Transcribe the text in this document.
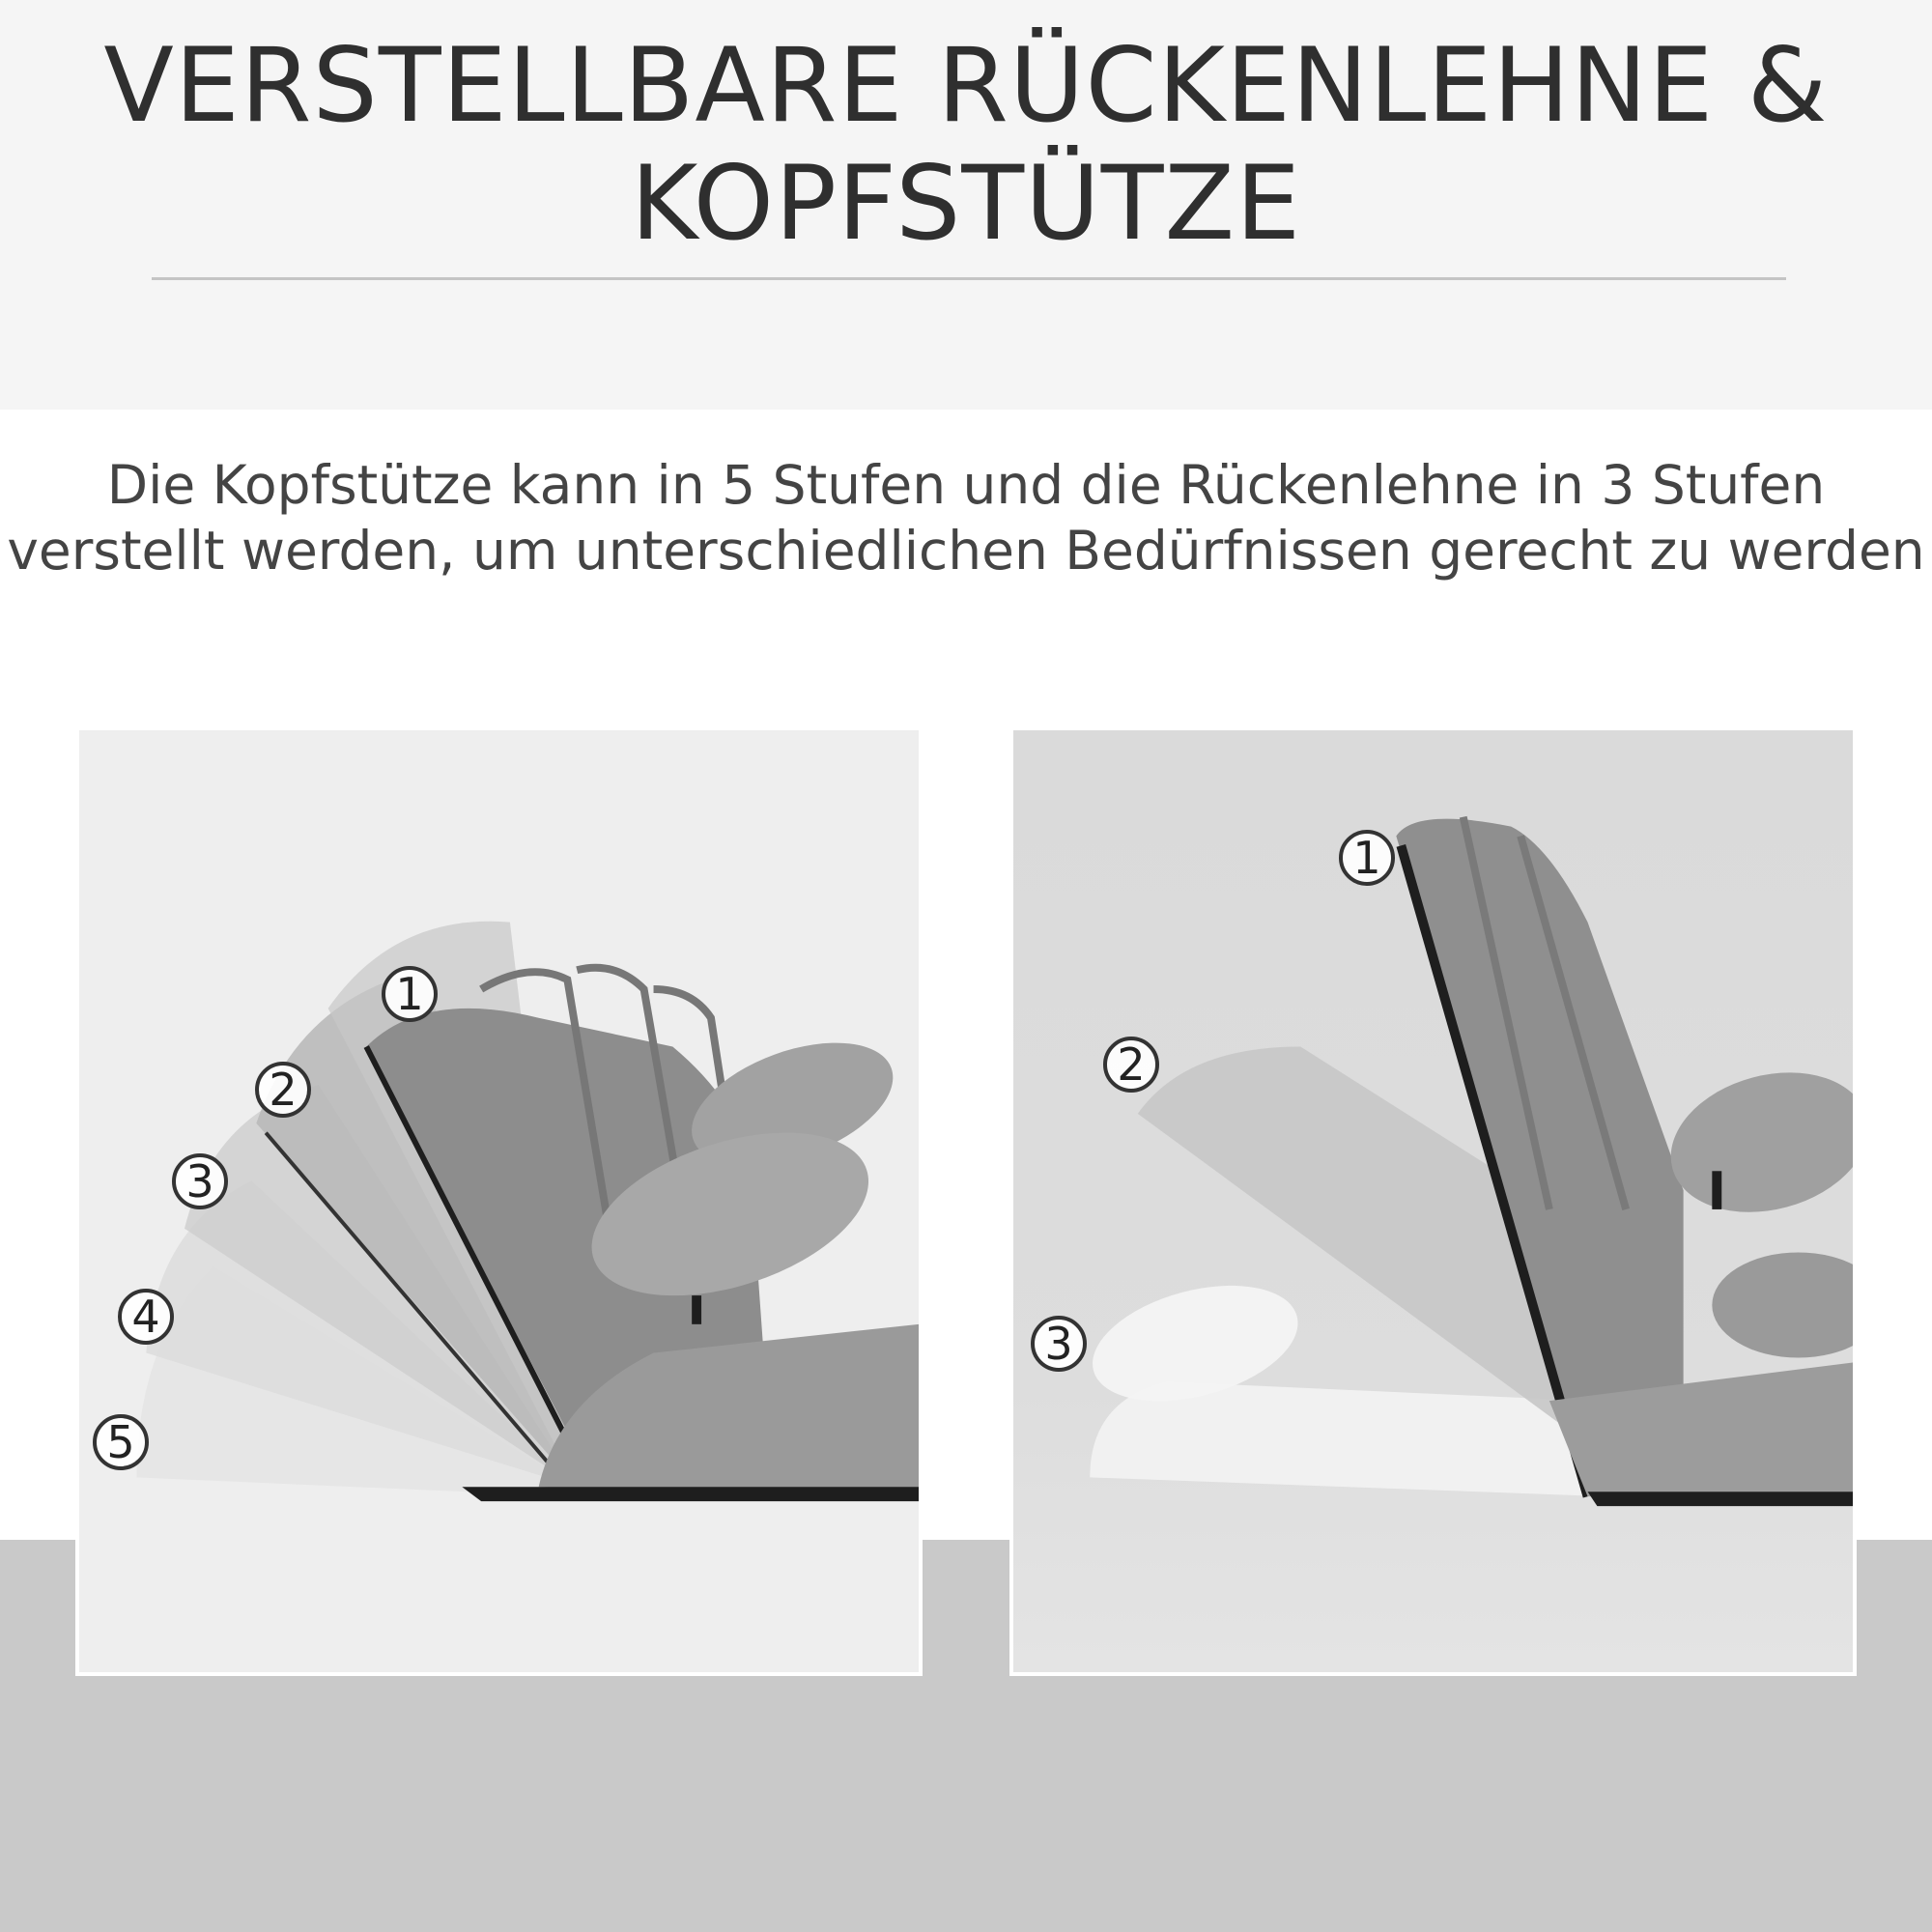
VERSTELLBARE RÜCKENLEHNE &
KOPFSTÜTZE

Die Kopfstütze kann in 5 Stufen und die Rückenlehne in 3 Stufen
verstellt werden, um unterschiedlichen Bedürfnissen gerecht zu werden

1
2
3
4
5
1
2
3
